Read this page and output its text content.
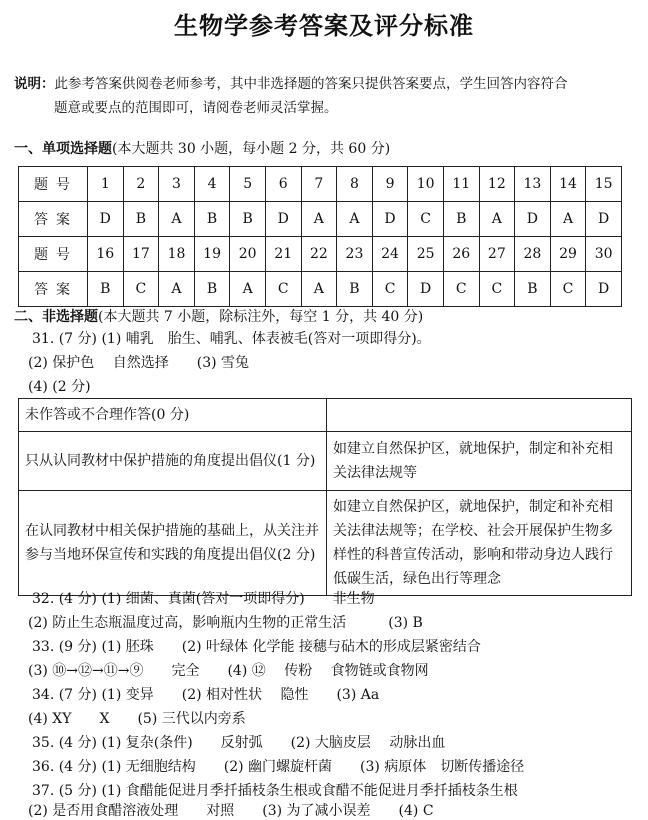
生物学参考答案及评分标准
说明：此参考答案供阅卷老师参考，其中非选择题的答案只提供答案要点，学生回答内容符合
题意或要点的范围即可，请阅卷老师灵活掌握。
一、单项选择题(本大题共 30 小题，每小题 2 分，共 60 分)
题号	1	2	3	4	5	6	7	8	9	10	11	12	13	14	15
答案	D	B	A	B	B	D	A	A	D	C	B	A	D	A	D
题号	16	17	18	19	20	21	22	23	24	25	26	27	28	29	30
答案	B	C	A	B	A	C	A	B	C	D	C	C	B	C	D
二、非选择题(本大题共 7 小题，除标注外，每空 1 分，共 40 分)
31. (7 分) (1) 哺乳　胎生、哺乳、体表被毛(答对一项即得分)。
(2) 保护色　 自然选择　　(3) 雪兔
(4) (2 分)
未作答或不合理作答(0 分)	
只从认同教材中保护措施的角度提出倡仪(1 分)	如建立自然保护区，就地保护，制定和补充相关法律法规等
在认同教材中相关保护措施的基础上，从关注并参与当地环保宣传和实践的角度提出倡仪(2 分)	如建立自然保护区，就地保护，制定和补充相关法律法规等；在学校、社会开展保护生物多样性的科普宣传活动，影响和带动身边人践行低碳生活，绿色出行等理念
32. (4 分) (1) 细菌、真菌(答对一项即得分)　　非生物
(2) 防止生态瓶温度过高，影响瓶内生物的正常生活　　　(3) B
33. (9 分) (1) 胚珠　　(2) 叶绿体 化学能 接穗与砧木的形成层紧密结合
(3) ⑩→⑫→⑪→⑨　　完全　　(4) ⑫　 传粉　 食物链或食物网
34. (7 分) (1) 变异　　(2) 相对性状　 隐性　　(3) Aa
(4) XY　　X　　(5) 三代以内旁系
35. (4 分) (1) 复杂(条件)　　反射弧　　(2) 大脑皮层　 动脉出血
36. (4 分) (1) 无细胞结构　　(2) 幽门螺旋杆菌　　(3) 病原体　切断传播途径
37. (5 分) (1) 食醋能促进月季扦插枝条生根或食醋不能促进月季扦插枝条生根
(2) 是否用食醋溶液处理　　对照　　(3) 为了减小误差　　(4) C
